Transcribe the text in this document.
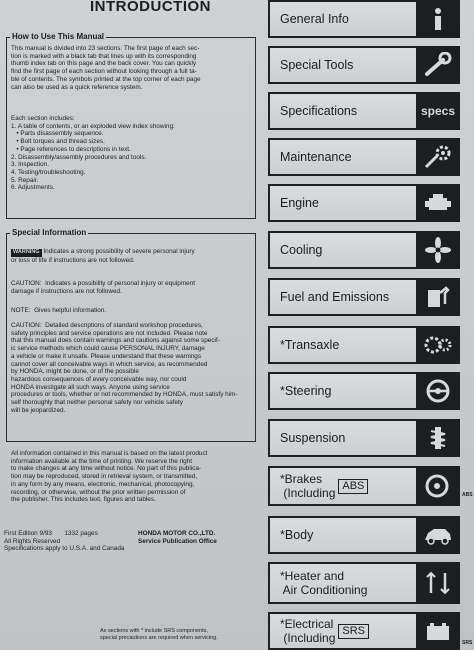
INTRODUCTION
How to Use This Manual
This manual is divided into 23 sections. The first page of each sec-
tion is marked with a black tab that lines up with its corresponding
thumb index tab on this page and the back cover. You can quickly
find the first page of each section without looking through a full ta-
ble of contents. The symbols printed at the top corner of each page
can also be used as a quick reference system.
Each section includes:
1. A table of contents, or an exploded view index showing:
• Parts disassembly sequence.
• Bolt torques and thread sizes.
• Page references to descriptions in text.
2. Disassembly/assembly procedures and tools.
3. Inspection.
4. Testing/troubleshooting.
5. Repair.
6. Adjustments.
Special Information
WARNING Indicates a strong possibility of severe personal injury
or loss of life if instructions are not followed.
CAUTION:  Indicates a possibility of personal injury or equipment
damage if instructions are not followed.
NOTE:  Gives helpful information.
CAUTION:  Detailed descriptions of standard workshop procedures,
safety principles and service operations are not included. Please note
that this manual does contain warnings and cautions against some specif-
ic service methods which could cause PERSONAL INJURY, damage
a vehicle or make it unsafe. Please understand that these warnings
cannot cover all conceivable ways in which service, as recommended
by HONDA, might be done, or of the possible
hazardous consequences of every conceivable way, nor could
HONDA investigate all such ways. Anyone using service
procedures or tools, whether or not recommended by HONDA, must satisfy him-
self thoroughly that neither personal safety nor vehicle safety
will be jeopardized.
All information contained in this manual is based on the latest product
information available at the time of printing. We reserve the right
to make changes at any time without notice. No part of this publica-
tion may be reproduced, stored in retrieval system, or transmitted,
in any form by any means, electronic, mechanical, photocopying,
recording, or otherwise, without the prior written permission of
the publisher. This includes text, figures and tables.
First Edition 9/93       1332 pages
All Rights Reserved
Specifications apply to U.S.A. and Canada
HONDA MOTOR CO.,LTD.
Service Publication Office
As sections with * include SRS components,
special precautions are required when servicing.
General Info
Special Tools
Specifications	specs
Maintenance
Engine
Cooling
Fuel and Emissions
*Transaxle
*Steering
Suspension
*Brakes
(Including
ABS
ABS
*Body
*Heater and
Air Conditioning
*Electrical
(Including
SRS
SRS
